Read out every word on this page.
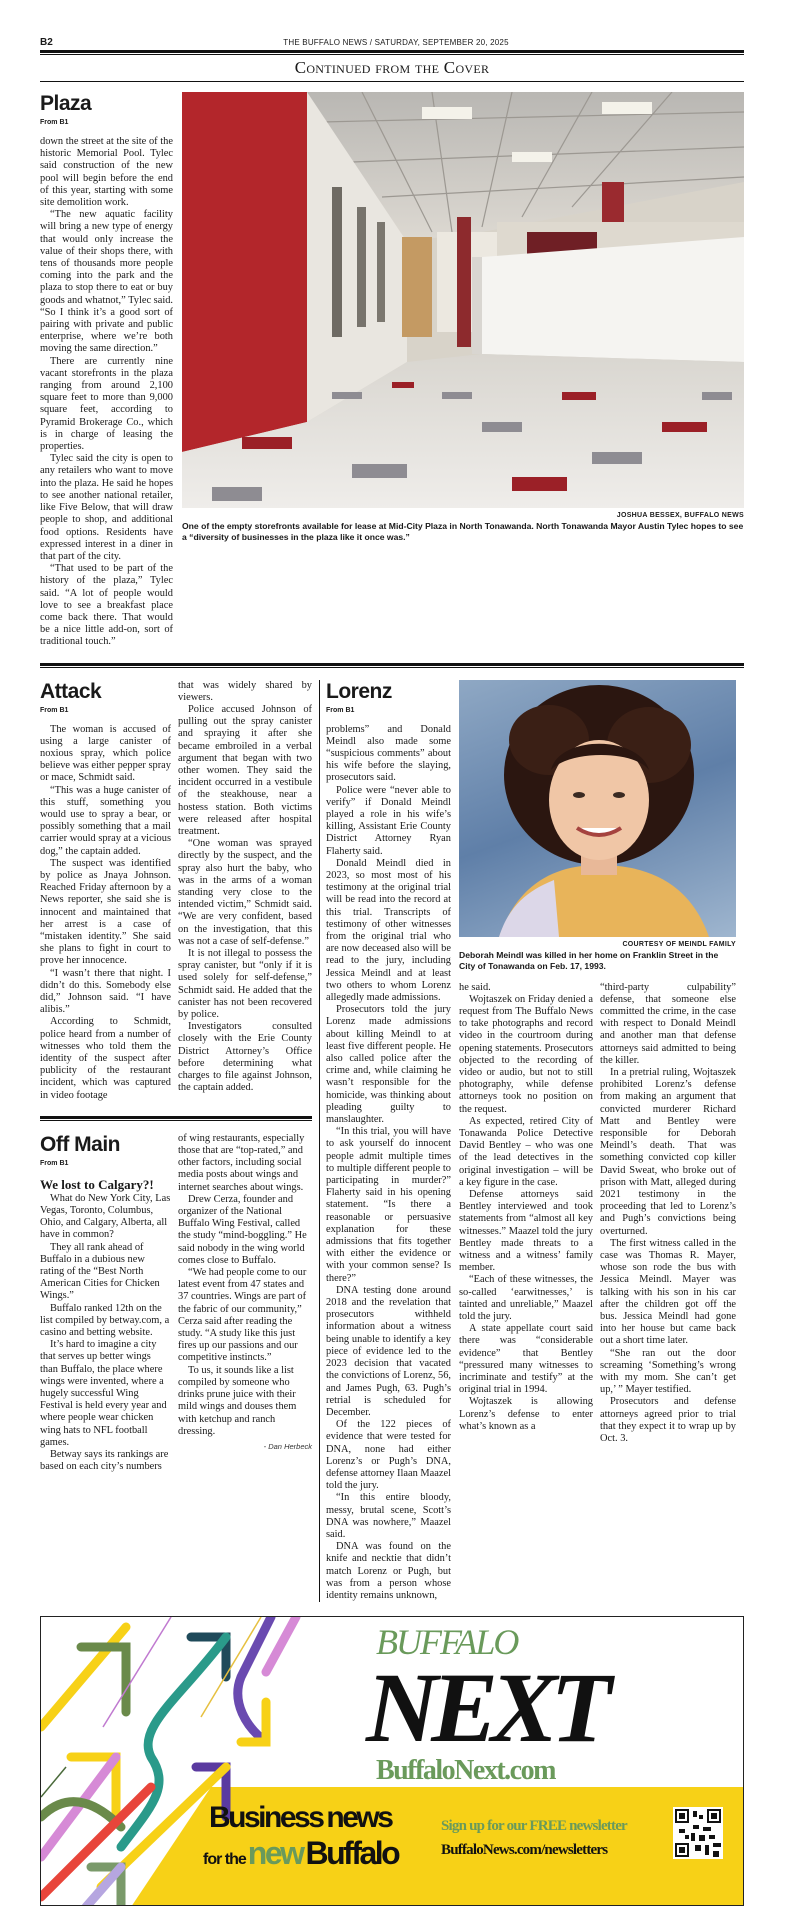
B2	THE BUFFALO NEWS / SATURDAY, SEPTEMBER 20, 2025
Continued from the Cover
Plaza
From B1

down the street at the site of the historic Memorial Pool. Tylec said construction of the new pool will begin before the end of this year, starting with some site demolition work.

“The new aquatic facility will bring a new type of energy that would only increase the value of their shops there, with tens of thousands more people coming into the park and the plaza to stop there to eat or buy goods and whatnot,” Tylec said. “So I think it’s a good sort of pairing with private and public enterprise, where we’re both moving the same direction.”

There are currently nine vacant storefronts in the plaza ranging from around 2,100 square feet to more than 9,000 square feet, according to Pyramid Brokerage Co., which is in charge of leasing the properties.

Tylec said the city is open to any retailers who want to move into the plaza. He said he hopes to see another national retailer, like Five Below, that will draw people to shop, and additional food options. Residents have expressed interest in a diner in that part of the city.

“That used to be part of the history of the plaza,” Tylec said. “A lot of people would love to see a breakfast place come back there. That would be a nice little add-on, sort of traditional touch.”

JOSHUA BESSEX, BUFFALO NEWS
One of the empty storefronts available for lease at Mid-City Plaza in North Tonawanda. North Tonawanda Mayor Austin Tylec hopes to see a “diversity of businesses in the plaza like it once was.”
Attack
From B1

The woman is accused of using a large canister of noxious spray, which police believe was either pepper spray or mace, Schmidt said.

“This was a huge canister of this stuff, something you would use to spray a bear, or possibly something that a mail carrier would spray at a vicious dog,” the captain added.

The suspect was identified by police as Jnaya Johnson. Reached Friday afternoon by a News reporter, she said she is innocent and maintained that her arrest is a case of “mistaken identity.” She said she plans to fight in court to prove her innocence.

“I wasn’t there that night. I didn’t do this. Somebody else did,” Johnson said. “I have alibis.”

According to Schmidt, police heard from a number of witnesses who told them the identity of the suspect after publicity of the restaurant incident, which was captured in video footage

that was widely shared by viewers.

Police accused Johnson of pulling out the spray canister and spraying it after she became embroiled in a verbal argument that began with two other women. They said the incident occurred in a vestibule of the steakhouse, near a hostess station. Both victims were released after hospital treatment.

“One woman was sprayed directly by the suspect, and the spray also hurt the baby, who was in the arms of a woman standing very close to the intended victim,” Schmidt said. “We are very confident, based on the investigation, that this was not a case of self-defense.”

It is not illegal to possess the spray canister, but “only if it is used solely for self-defense,” Schmidt said. He added that the canister has not been recovered by police.

Investigators consulted closely with the Erie County District Attorney’s Office before determining what charges to file against Johnson, the captain added.

Off Main
From B1
We lost to Calgary?!

What do New York City, Las Vegas, Toronto, Columbus, Ohio, and Calgary, Alberta, all have in common?

They all rank ahead of Buffalo in a dubious new rating of the “Best North American Cities for Chicken Wings.”

Buffalo ranked 12th on the list compiled by betway.com, a casino and betting website.

It’s hard to imagine a city that serves up better wings than Buffalo, the place where wings were invented, where a hugely successful Wing Festival is held every year and where people wear chicken wing hats to NFL football games.

Betway says its rankings are based on each city’s numbers

of wing restaurants, especially those that are “top-rated,” and other factors, including social media posts about wings and internet searches about wings.

Drew Cerza, founder and organizer of the National Buffalo Wing Festival, called the study “mind-boggling.” He said nobody in the wing world comes close to Buffalo.

“We had people come to our latest event from 47 states and 37 countries. Wings are part of the fabric of our community,” Cerza said after reading the study. “A study like this just fires up our passions and our competitive instincts.”

To us, it sounds like a list compiled by someone who drinks prune juice with their mild wings and douses them with ketchup and ranch dressing.

- Dan Herbeck
Lorenz
From B1

problems” and Donald Meindl also made some “suspicious comments” about his wife before the slaying, prosecutors said.

Police were “never able to verify” if Donald Meindl played a role in his wife’s killing, Assistant Erie County District Attorney Ryan Flaherty said.

Donald Meindl died in 2023, so most most of his testimony at the original trial will be read into the record at this trial. Transcripts of testimony of other witnesses from the original trial who are now deceased also will be read to the jury, including Jessica Meindl and at least two others to whom Lorenz allegedly made admissions.

Prosecutors told the jury Lorenz made admissions about killing Meindl to at least five different people. He also called police after the crime and, while claiming he wasn’t responsible for the homicide, was thinking about pleading guilty to manslaughter.

“In this trial, you will have to ask yourself do innocent people admit multiple times to multiple different people to participating in murder?” Flaherty said in his opening statement. “Is there a reasonable or persuasive explanation for these admissions that fits together with either the evidence or with your common sense? Is there?”

DNA testing done around 2018 and the revelation that prosecutors withheld information about a witness being unable to identify a key piece of evidence led to the 2023 decision that vacated the convictions of Lorenz, 56, and James Pugh, 63. Pugh’s retrial is scheduled for December.

Of the 122 pieces of evidence that were tested for DNA, none had either Lorenz’s or Pugh’s DNA, defense attorney Ilaan Maazel told the jury.

“In this entire bloody, messy, brutal scene, Scott’s DNA was nowhere,” Maazel said.

DNA was found on the knife and necktie that didn’t match Lorenz or Pugh, but was from a person whose identity remains unknown,

COURTESY OF MEINDL FAMILY
Deborah Meindl was killed in her home on Franklin Street in the City of Tonawanda on Feb. 17, 1993.

he said.

Wojtaszek on Friday denied a request from The Buffalo News to take photographs and record video in the courtroom during opening statements. Prosecutors objected to the recording of video or audio, but not to still photography, while defense attorneys took no position on the request.

As expected, retired City of Tonawanda Police Detective David Bentley – who was one of the lead detectives in the original investigation – will be a key figure in the case.

Defense attorneys said Bentley interviewed and took statements from “almost all key witnesses.” Maazel told the jury Bentley made threats to a witness and a witness’ family member.

“Each of these witnesses, the so-called ‘earwitnesses,’ is tainted and unreliable,” Maazel told the jury.

A state appellate court said there was “considerable evidence” that Bentley “pressured many witnesses to incriminate and testify” at the original trial in 1994.

Wojtaszek is allowing Lorenz’s defense to enter what’s known as a

“third-party culpability” defense, that someone else committed the crime, in the case with respect to Donald Meindl and another man that defense attorneys said admitted to being the killer.

In a pretrial ruling, Wojtaszek prohibited Lorenz’s defense from making an argument that convicted murderer Richard Matt and Bentley were responsible for Deborah Meindl’s death. That was something convicted cop killer David Sweat, who broke out of prison with Matt, alleged during 2021 testimony in the proceeding that led to Lorenz’s and Pugh’s convictions being overturned.

The first witness called in the case was Thomas R. Mayer, whose son rode the bus with Jessica Meindl. Mayer was talking with his son in his car after the children got off the bus. Jessica Meindl had gone into her house but came back out a short time later.

“She ran out the door screaming ‘Something’s wrong with my mom. She can’t get up,’ ” Mayer testified.

Prosecutors and defense attorneys agreed prior to trial that they expect it to wrap up by Oct. 3.

BUFFALO
NEXT
BuffaloNext.com
Business news
for thenewBuffalo
Sign up for our FREE newsletter
BuffaloNews.com/newsletters
